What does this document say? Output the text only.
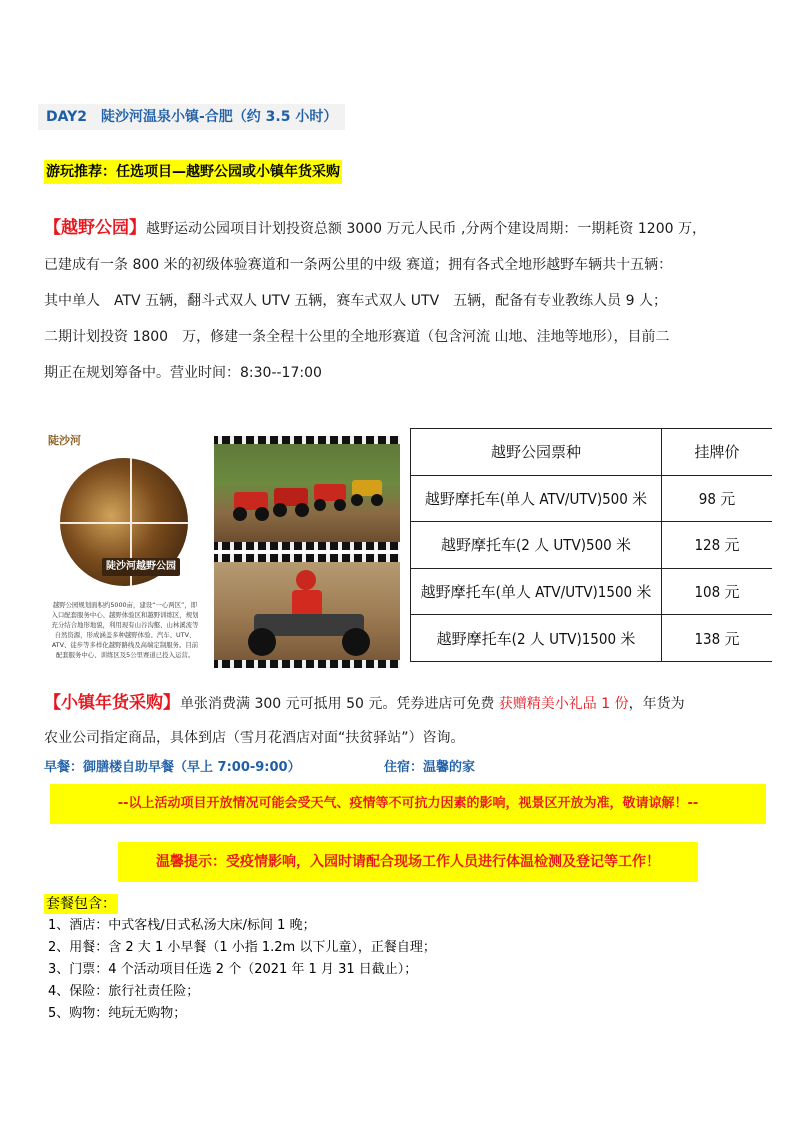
DAY2　陡沙河温泉小镇-合肥（约 3.5 小时）
游玩推荐：任选项目—越野公园或小镇年货采购
【越野公园】越野运动公园项目计划投资总额 3000 万元人民币 ,分两个建设周期：一期耗资 1200 万，
已建成有一条 800 米的初级体验赛道和一条两公里的中级 赛道；拥有各式全地形越野车辆共十五辆：
其中单人　ATV 五辆，翻斗式双人 UTV 五辆，赛车式双人 UTV　五辆，配备有专业教练人员 9 人；
二期计划投资 1800　万，修建一条全程十公里的全地形赛道（包含河流 山地、洼地等地形），目前二
期正在规划筹备中。营业时间：8:30--17:00
陡沙河
陡沙河越野公园
越野公园规划面积约5000亩，建设“一心两区”，即入口配套服务中心、越野体验区和越野训练区，规划充分结合地形地貌，利用现有山谷沟壑、山林溪流等自然资源，形成涵盖多种越野体验、汽车、UTV、ATV、徒步等多样化越野路线及高端定制服务。目前配套服务中心、训练区及5公里赛道已投入运营。
越野公园票种	挂牌价
越野摩托车(单人 ATV/UTV)500 米	98 元
越野摩托车(2 人 UTV)500 米	128 元
越野摩托车(单人 ATV/UTV)1500 米	108 元
越野摩托车(2 人 UTV)1500 米	138 元
【小镇年货采购】单张消费满 300 元可抵用 50 元。凭券进店可免费 获赠精美小礼品 1 份，年货为
农业公司指定商品，具体到店（雪月花酒店对面“扶贫驿站”）咨询。
早餐：御膳楼自助早餐（早上 7:00-9:00）	住宿：温馨的家
--以上活动项目开放情况可能会受天气、疫情等不可抗力因素的影响，视景区开放为准，敬请谅解！--
温馨提示：受疫情影响，入园时请配合现场工作人员进行体温检测及登记等工作！
套餐包含：
1、酒店：中式客栈/日式私汤大床/标间 1 晚；
2、用餐：含 2 大 1 小早餐（1 小指 1.2m 以下儿童），正餐自理；
3、门票：4 个活动项目任选 2 个（2021 年 1 月 31 日截止）；
4、保险：旅行社责任险；
5、购物：纯玩无购物；
